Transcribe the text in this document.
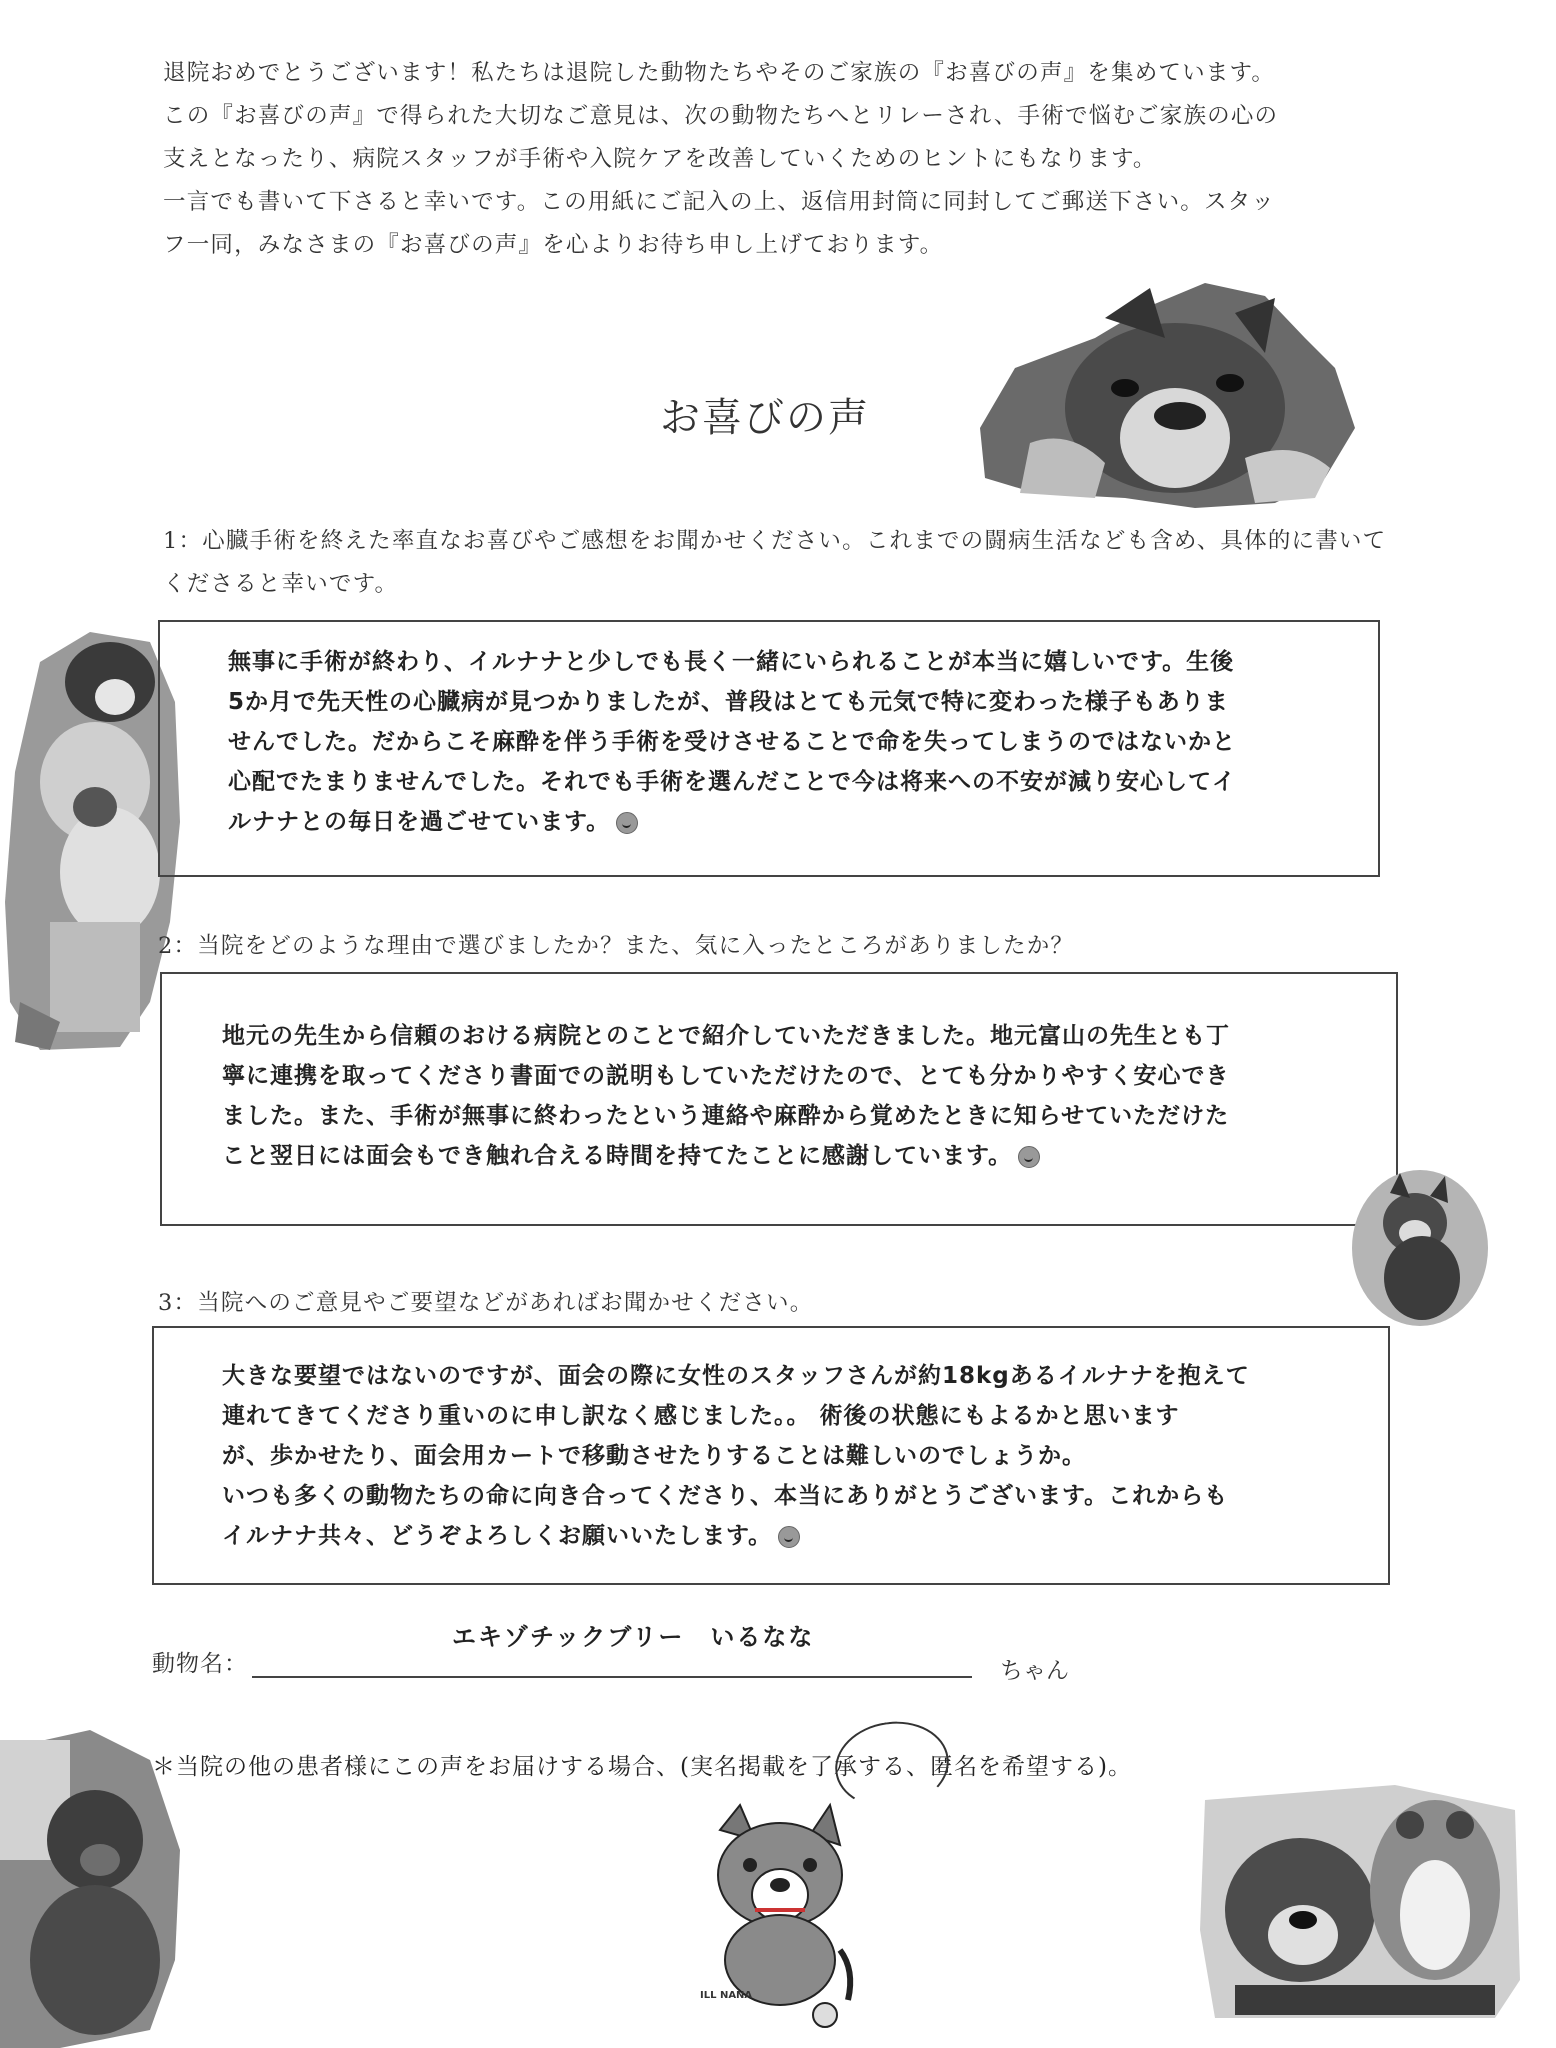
退院おめでとうございます！私たちは退院した動物たちやそのご家族の『お喜びの声』を集めています。

この『お喜びの声』で得られた大切なご意見は、次の動物たちへとリレーされ、手術で悩むご家族の心の

支えとなったり、病院スタッフが手術や入院ケアを改善していくためのヒントにもなります。

一言でも書いて下さると幸いです。この用紙にご記入の上、返信用封筒に同封してご郵送下さい。スタッ

フ一同，みなさまの『お喜びの声』を心よりお待ち申し上げております。

お喜びの声
1：心臓手術を終えた率直なお喜びやご感想をお聞かせください。これまでの闘病生活なども含め、具体的に書いてくださると幸いです。

無事に手術が終わり、イルナナと少しでも長く一緒にいられることが本当に嬉しいです。生後

5か月で先天性の心臓病が見つかりましたが、普段はとても元気で特に変わった様子もありま

せんでした。だからこそ麻酔を伴う手術を受けさせることで命を失ってしまうのではないかと

心配でたまりませんでした。それでも手術を選んだことで今は将来への不安が減り安心してイ

ルナナとの毎日を過ごせています。

2：当院をどのような理由で選びましたか？また、気に入ったところがありましたか？

地元の先生から信頼のおける病院とのことで紹介していただきました。地元富山の先生とも丁

寧に連携を取ってくださり書面での説明もしていただけたので、とても分かりやすく安心でき

ました。また、手術が無事に終わったという連絡や麻酔から覚めたときに知らせていただけた

こと翌日には面会もでき触れ合える時間を持てたことに感謝しています。

3：当院へのご意見やご要望などがあればお聞かせください。

大きな要望ではないのですが、面会の際に女性のスタッフさんが約18kgあるイルナナを抱えて

連れてきてくださり重いのに申し訳なく感じました。。 術後の状態にもよるかと思います

が、歩かせたり、面会用カートで移動させたりすることは難しいのでしょうか。

いつも多くの動物たちの命に向き合ってくださり、本当にありがとうございます。これからも

イルナナ共々、どうぞよろしくお願いいたします。

エキゾチックブリー　いるなな
動物名：	ちゃん
＊当院の他の患者様にこの声をお届けする場合、(実名掲載を了承する、匿名を希望する)。
ILL NANA
